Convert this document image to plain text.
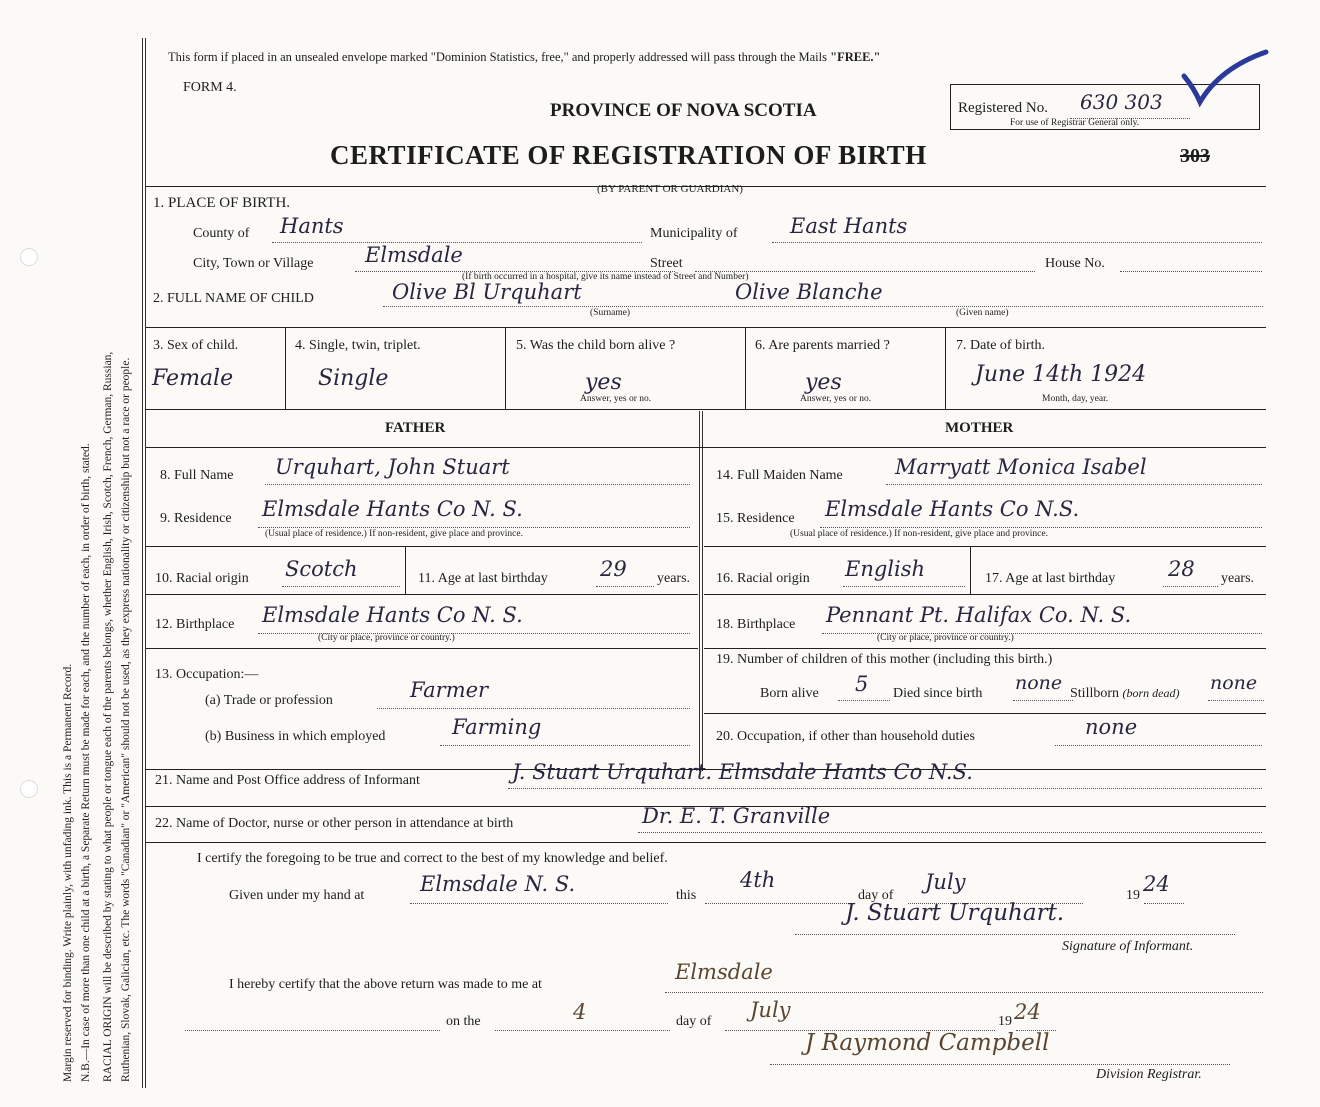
Margin reserved for binding. Write plainly, with unfading ink. This is a Permanent Record. N.B.—In case of more than one child at a birth, a Separate Return must be made for each, and the number of each, in order of birth, stated. RACIAL ORIGIN will be described by stating to what people or tongue each of the parents belongs, whether English, Irish, Scotch, French, German, Russian, Ruthenian, Slovak, Galician, etc. The words "Canadian" or "American" should not be used, as they express nationality or citizenship but not a race or people.
This form if placed in an unsealed envelope marked "Dominion Statistics, free," and properly addressed will pass through the Mails "FREE."
FORM 4.
PROVINCE OF NOVA SCOTIA
CERTIFICATE OF REGISTRATION OF BIRTH
(BY PARENT OR GUARDIAN)
Registered No. 630 303
For use of Registrar General only.
303
1. PLACE OF BIRTH.
County of Hants	Municipality of	East Hants
City, Town or Village Elmsdale	Street	House No.
(If birth occurred in a hospital, give its name instead of Street and Number)
2. FULL NAME OF CHILD	Olive Bl Urquhart	Olive Blanche
(Surname)	(Given name)
3. Sex of child.
Female
4. Single, twin, triplet.
Single
5. Was the child born alive ?
yes
Answer, yes or no.
6. Are parents married ?
yes
Answer, yes or no.
7. Date of birth.
June 14th 1924
Month, day, year.
FATHER	MOTHER
8. Full Name Urquhart, John Stuart
9. Residence Elmsdale Hants Co N. S.
(Usual place of residence.) If non-resident, give place and province.
10. Racial origin Scotch	11. Age at last birthday 29 years.
12. Birthplace Elmsdale Hants Co N. S.
(City or place, province or country.)
13. Occupation:—
(a) Trade or profession	Farmer
(b) Business in which employed	Farming
14. Full Maiden Name Marryatt Monica Isabel
15. Residence Elmsdale Hants Co N.S.
(Usual place of residence.) If non-resident, give place and province.
16. Racial origin English	17. Age at last birthday	28 years.
18. Birthplace Pennant Pt. Halifax Co. N. S.
(City or place, province or country.)
19. Number of children of this mother (including this birth.)
Born alive 5 Died since birth none Stillborn (born dead) none
20. Occupation, if other than household duties	none
21. Name and Post Office address of Informant	J. Stuart Urquhart. Elmsdale Hants Co N.S.
22. Name of Doctor, nurse or other person in attendance at birth	Dr. E. T. Granville
I certify the foregoing to be true and correct to the best of my knowledge and belief.
Given under my hand at	Elmsdale N. S.	this
4th
day of
July
19 24
J. Stuart Urquhart.
Signature of Informant.
I hereby certify that the above return was made to me at
Elmsdale
on the	4	day of July	19 24
J Raymond Campbell
Division Registrar.
